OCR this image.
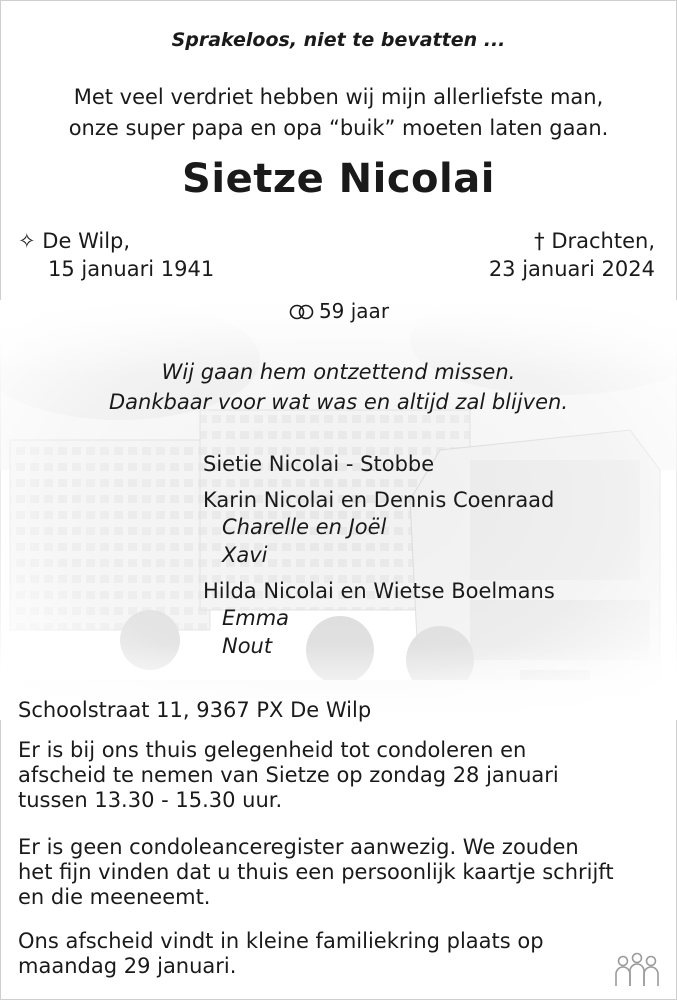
Sprakeloos, niet te bevatten ...
Met veel verdriet hebben wij mijn allerliefste man,
onze super papa en opa “buik” moeten laten gaan.
Sietze Nicolai
✧ De Wilp,
15 januari 1941
† Drachten,
23 januari 2024
59 jaar
Wij gaan hem ontzettend missen.
Dankbaar voor wat was en altijd zal blijven.
Sietie Nicolai - Stobbe
Karin Nicolai en Dennis Coenraad
Charelle en Joël
Xavi
Hilda Nicolai en Wietse Boelmans
Emma
Nout
Schoolstraat 11, 9367 PX De Wilp
Er is bij ons thuis gelegenheid tot condoleren en
afscheid te nemen van Sietze op zondag 28 januari
tussen 13.30 - 15.30 uur.
Er is geen condoleanceregister aanwezig. We zouden
het fijn vinden dat u thuis een persoonlijk kaartje schrijft
en die meeneemt.
Ons afscheid vindt in kleine familiekring plaats op
maandag 29 januari.
